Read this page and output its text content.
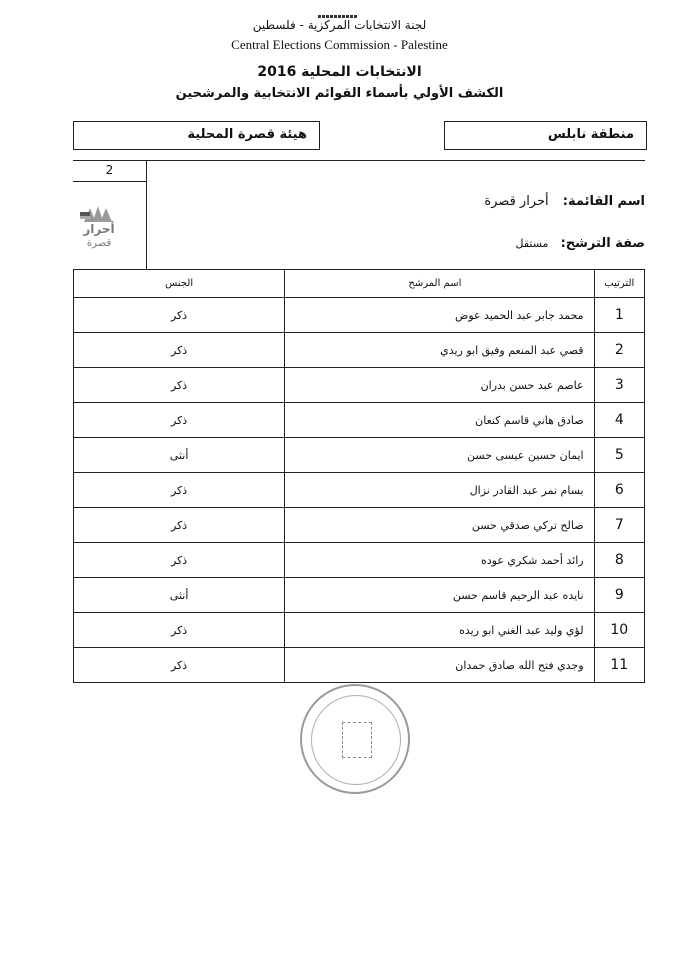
لجنة الانتخابات المركزية - فلسطين
Central Elections Commission - Palestine
الانتخابات المحلية 2016
الكشف الأولي بأسماء القوائم الانتخابية والمرشحين
منطقة نابلس
هيئة قصرة المحلية
2
أحرار
قصرة
اسم القائمة: أحرار قصرة
صفة الترشح: مستقل
الترتيب	اسم المرشح	الجنس
1	محمد جابر عبد الحميد عوض	ذكر
2	قصي عبد المنعم وفيق ابو ريدي	ذكر
3	عاصم عبد حسن بدران	ذكر
4	صادق هاني قاسم كنعان	ذكر
5	ايمان حسين عيسى حسن	أنثى
6	بسام نمر عبد القادر نزال	ذكر
7	صالح تركي صدقي حسن	ذكر
8	رائد أحمد شكري عوده	ذكر
9	نايده عبد الرحيم قاسم حسن	أنثى
10	لؤي وليد عبد الغني ابو ريده	ذكر
11	وجدي فتح الله صادق حمدان	ذكر
